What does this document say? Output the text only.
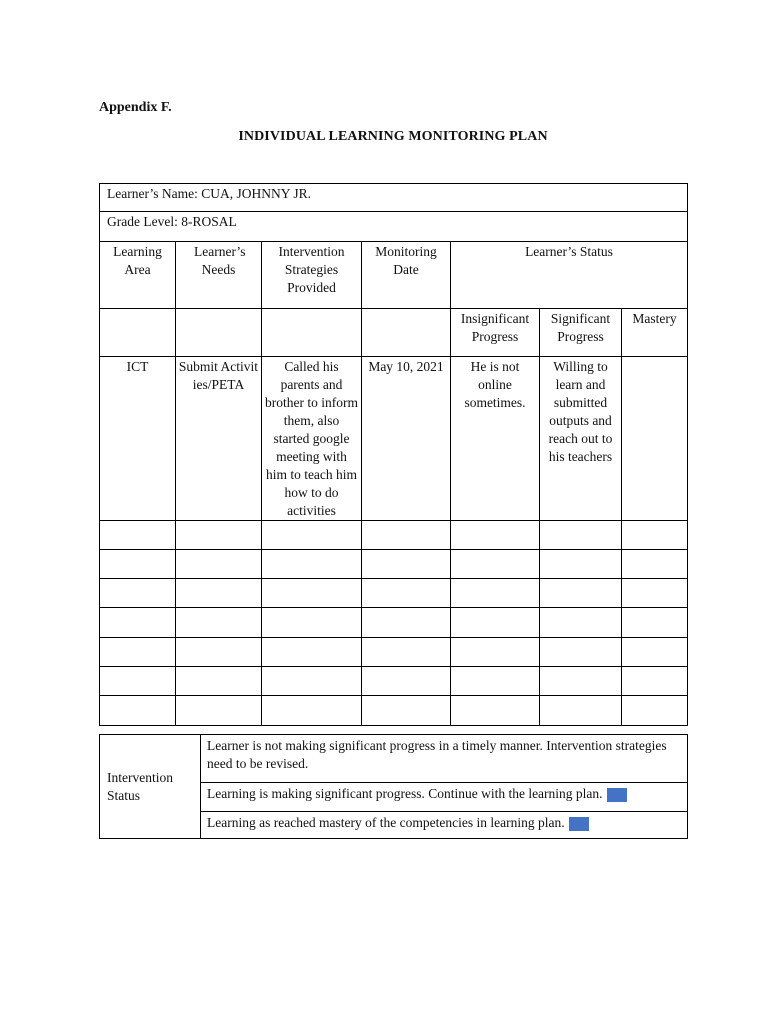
Appendix F.
INDIVIDUAL LEARNING MONITORING PLAN
Learner’s Name: CUA, JOHNNY JR.						
Grade Level: 8-ROSAL						
Learning Area	Learner’s Needs	Intervention Strategies Provided	Monitoring Date	Learner’s Status		
				Insignificant Progress	Significant Progress	Mastery
ICT	Submit Activities/PETA	Called his parents and brother to inform them, also started google meeting with him to teach him how to do activities	May 10, 2021	He is not online sometimes.	Willing to learn and submitted outputs and reach out to his teachers	

Intervention Status	Learner is not making significant progress in a timely manner. Intervention strategies need to be revised.
Learning is making significant progress. Continue with the learning plan.
Learning as reached mastery of the competencies in learning plan.
